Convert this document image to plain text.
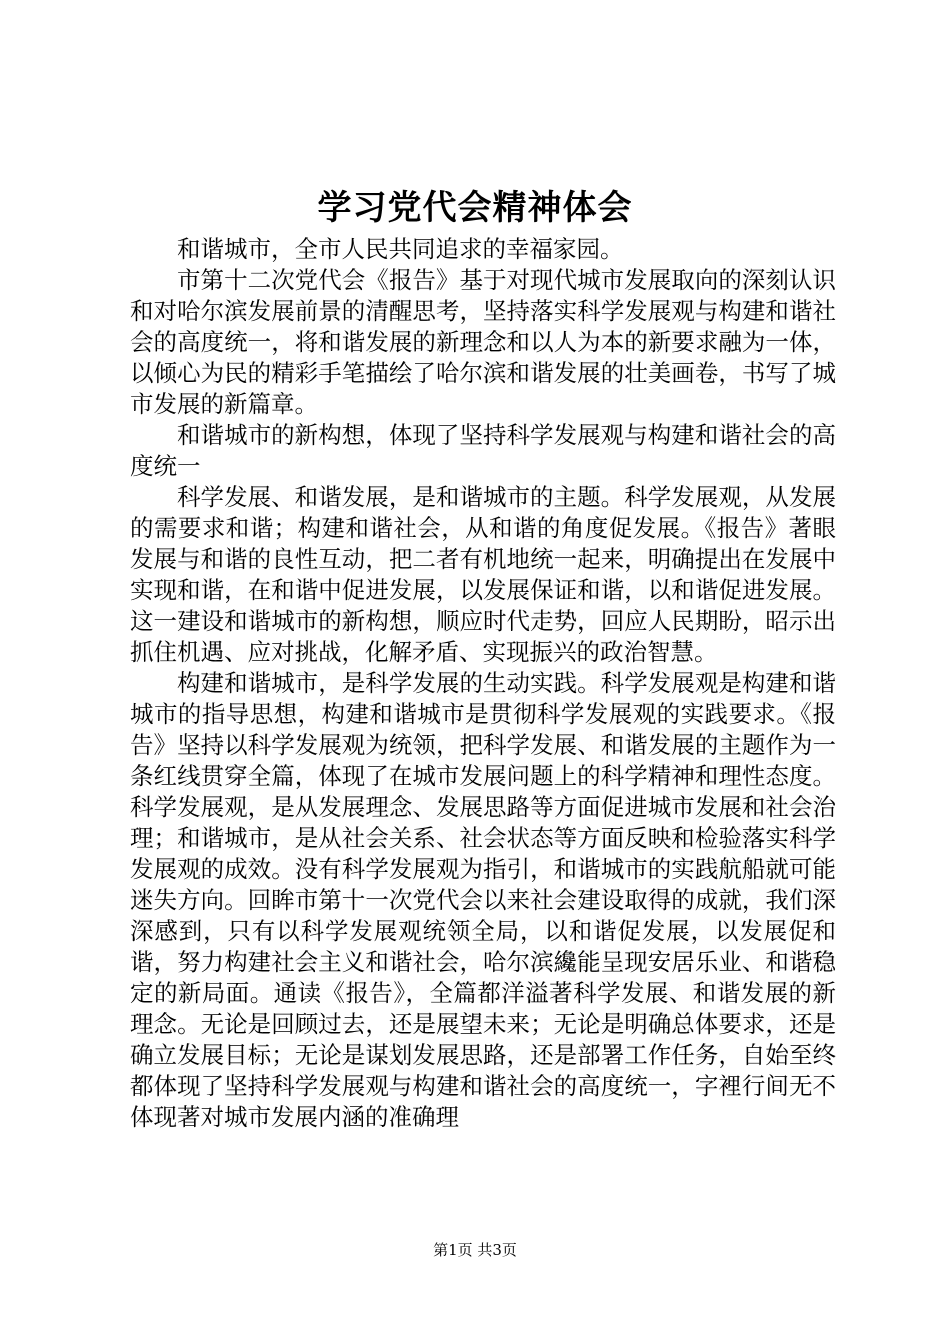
学习党代会精神体会

和谐城市，全市人民共同追求的幸福家园。

市第十二次党代会《报告》基于对现代城市发展取向的深刻认识和对哈尔滨发展前景的清醒思考，坚持落实科学发展观与构建和谐社会的高度统一，将和谐发展的新理念和以人为本的新要求融为一体，以倾心为民的精彩手笔描绘了哈尔滨和谐发展的壮美画卷，书写了城市发展的新篇章。

和谐城市的新构想，体现了坚持科学发展观与构建和谐社会的高度统一

科学发展、和谐发展，是和谐城市的主题。科学发展观，从发展的需要求和谐；构建和谐社会，从和谐的角度促发展。《报告》著眼发展与和谐的良性互动，把二者有机地统一起来，明确提出在发展中实现和谐，在和谐中促进发展，以发展保证和谐，以和谐促进发展。这一建设和谐城市的新构想，顺应时代走势，回应人民期盼，昭示出抓住机遇、应对挑战，化解矛盾、实现振兴的政治智慧。

构建和谐城市，是科学发展的生动实践。科学发展观是构建和谐城市的指导思想，构建和谐城市是贯彻科学发展观的实践要求。《报告》坚持以科学发展观为统领，把科学发展、和谐发展的主题作为一条红线贯穿全篇，体现了在城市发展问题上的科学精神和理性态度。科学发展观，是从发展理念、发展思路等方面促进城市发展和社会治理；和谐城市，是从社会关系、社会状态等方面反映和检验落实科学发展观的成效。没有科学发展观为指引，和谐城市的实践航船就可能迷失方向。回眸市第十一次党代会以来社会建设取得的成就，我们深深感到，只有以科学发展观统领全局，以和谐促发展，以发展促和谐，努力构建社会主义和谐社会，哈尔滨纔能呈现安居乐业、和谐稳定的新局面。通读《报告》，全篇都洋溢著科学发展、和谐发展的新理念。无论是回顾过去，还是展望未来；无论是明确总体要求，还是确立发展目标；无论是谋划发展思路，还是部署工作任务，自始至终都体现了坚持科学发展观与构建和谐社会的高度统一，字裡行间无不体现著对城市发展内涵的准确理

第1页 共3页
